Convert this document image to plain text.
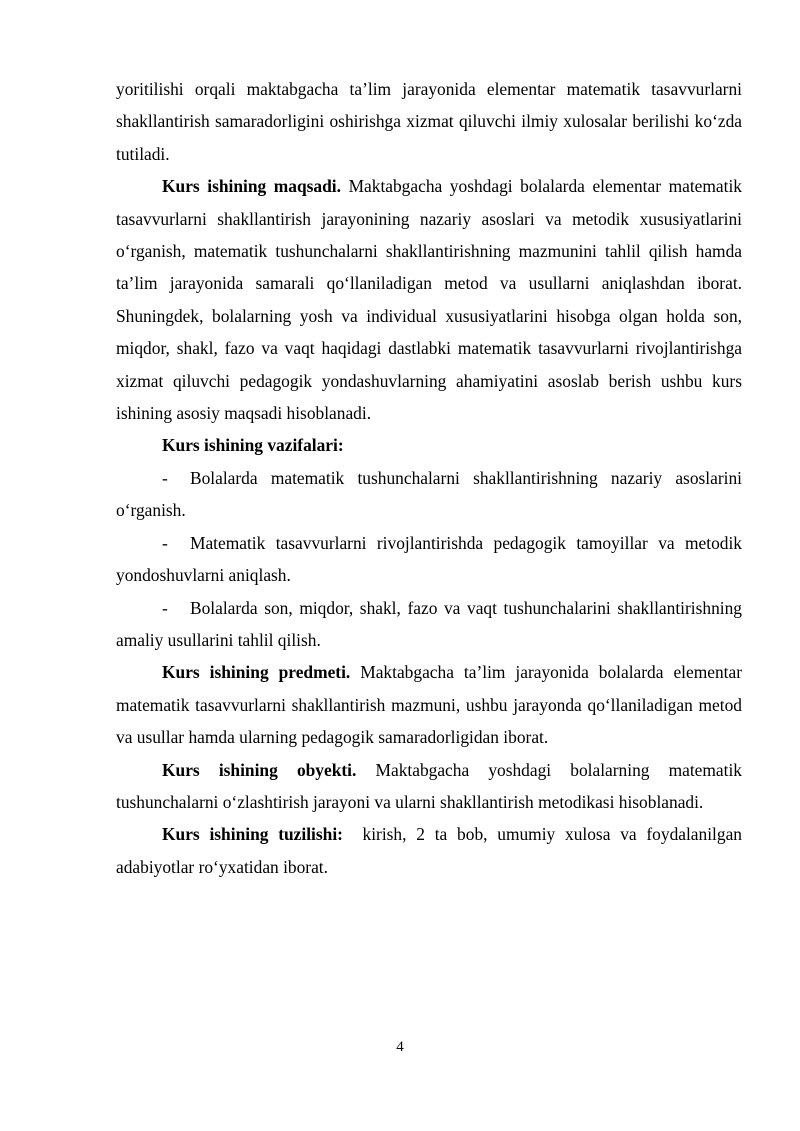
yoritilishi orqali maktabgacha ta’lim jarayonida elementar matematik tasavvurlarni shakllantirish samaradorligini oshirishga xizmat qiluvchi ilmiy xulosalar berilishi ko‘zda tutiladi.

Kurs ishining maqsadi. Maktabgacha yoshdagi bolalarda elementar matematik tasavvurlarni shakllantirish jarayonining nazariy asoslari va metodik xususiyatlarini o‘rganish, matematik tushunchalarni shakllantirishning mazmunini tahlil qilish hamda ta’lim jarayonida samarali qo‘llaniladigan metod va usullarni aniqlashdan iborat. Shuningdek, bolalarning yosh va individual xususiyatlarini hisobga olgan holda son, miqdor, shakl, fazo va vaqt haqidagi dastlabki matematik tasavvurlarni rivojlantirishga xizmat qiluvchi pedagogik yondashuvlarning ahamiyatini asoslab berish ushbu kurs ishining asosiy maqsadi hisoblanadi.

Kurs ishining vazifalari:

- Bolalarda matematik tushunchalarni shakllantirishning nazariy asoslarini o‘rganish.

- Matematik tasavvurlarni rivojlantirishda pedagogik tamoyillar va metodik yondoshuvlarni aniqlash.

- Bolalarda son, miqdor, shakl, fazo va vaqt tushunchalarini shakllantirishning amaliy usullarini tahlil qilish.

Kurs ishining predmeti. Maktabgacha ta’lim jarayonida bolalarda elementar matematik tasavvurlarni shakllantirish mazmuni, ushbu jarayonda qo‘llaniladigan metod va usullar hamda ularning pedagogik samaradorligidan iborat.

Kurs ishining obyekti. Maktabgacha yoshdagi bolalarning matematik tushunchalarni o‘zlashtirish jarayoni va ularni shakllantirish metodikasi hisoblanadi.

Kurs ishining tuzilishi: kirish, 2 ta bob, umumiy xulosa va foydalanilgan adabiyotlar ro‘yxatidan iborat.

4
